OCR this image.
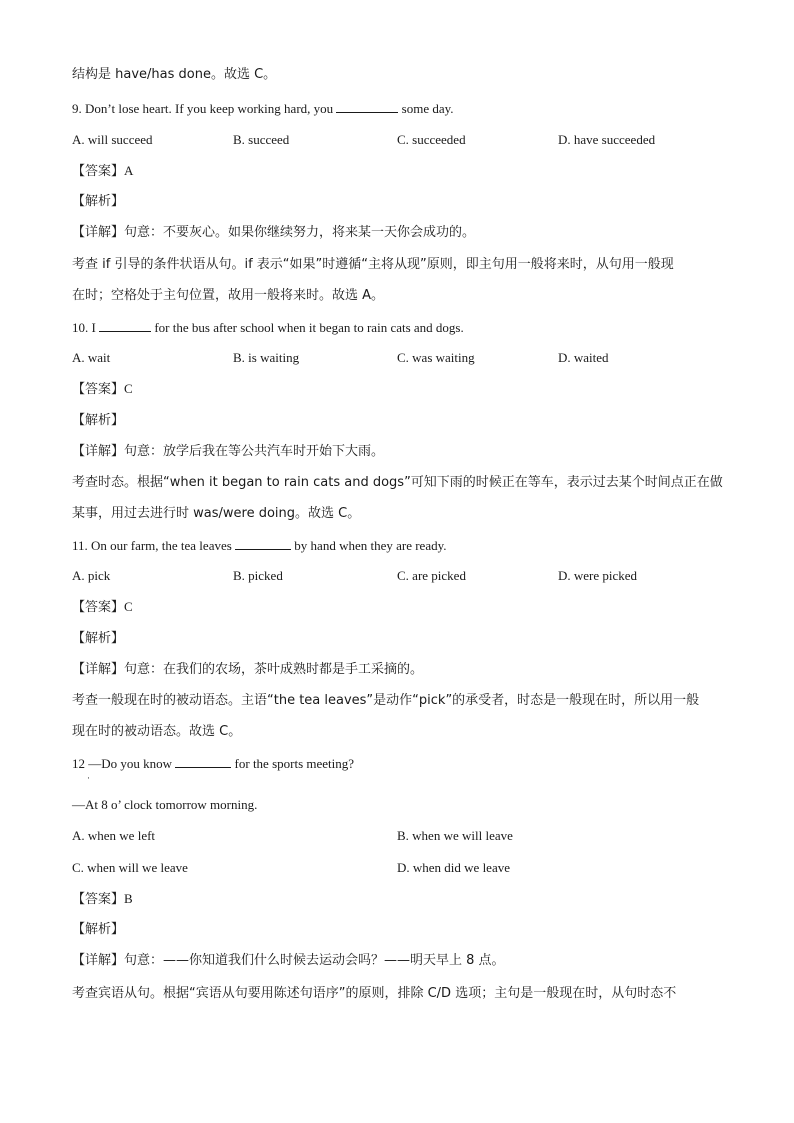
结构是 have/has done。故选 C。
9. Don’t lose heart. If you keep working hard, you	some day.
A. will succeed	B. succeed	C. succeeded	D. have succeeded
【答案】A
【解析】
【详解】句意：不要灰心。如果你继续努力，将来某一天你会成功的。
考查 if 引导的条件状语从句。if 表示“如果”时遵循“主将从现”原则，即主句用一般将来时，从句用一般现
在时；空格处于主句位置，故用一般将来时。故选 A。
10. I	for the bus after school when it began to rain cats and dogs.
A. wait	B. is waiting	C. was waiting	D. waited
【答案】C
【解析】
【详解】句意：放学后我在等公共汽车时开始下大雨。
考查时态。根据“when it began to rain cats and dogs”可知下雨的时候正在等车，表示过去某个时间点正在做
某事，用过去进行时 was/were doing。故选 C。
11. On our farm, the tea leaves	by hand when they are ready.
A. pick	B. picked	C. are picked	D. were picked
【答案】C
【解析】
【详解】句意：在我们的农场，茶叶成熟时都是手工采摘的。
考查一般现在时的被动语态。主语“the tea leaves”是动作“pick”的承受者，时态是一般现在时，所以用一般
现在时的被动语态。故选 C。
12 —Do you know	for the sports meeting?
·
—At 8 o’ clock tomorrow morning.
A. when we left	B. when we will leave
C. when will we leave	D. when did we leave
【答案】B
【解析】
【详解】句意：——你知道我们什么时候去运动会吗？——明天早上 8 点。
考查宾语从句。根据“宾语从句要用陈述句语序”的原则，排除 C/D 选项；主句是一般现在时，从句时态不
